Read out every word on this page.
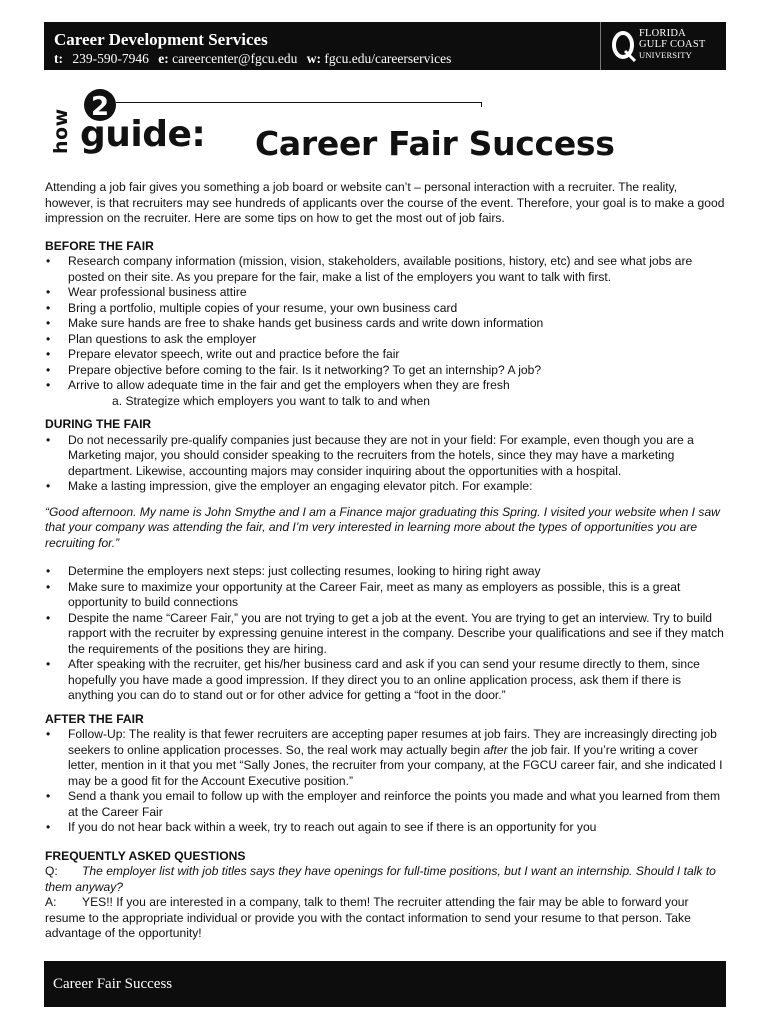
Career Development Services
t: 239-590-7946 e: careercenter@fgcu.edu w: fgcu.edu/careerservices
FLORIDA
GULF COAST
UNIVERSITY
how
2
guide: Career Fair Success

Attending a job fair gives you something a job board or website can’t – personal interaction with a recruiter. The reality, however, is that recruiters may see hundreds of applicants over the course of the event. Therefore, your goal is to make a good impression on the recruiter. Here are some tips on how to get the most out of job fairs.

BEFORE THE FAIR

• Research company information (mission, vision, stakeholders, available positions, history, etc) and see what jobs are posted on their site. As you prepare for the fair, make a list of the employers you want to talk with first.
• Wear professional business attire
• Bring a portfolio, multiple copies of your resume, your own business card
• Make sure hands are free to shake hands get business cards and write down information
• Plan questions to ask the employer
• Prepare elevator speech, write out and practice before the fair
• Prepare objective before coming to the fair. Is it networking? To get an internship? A job?
• Arrive to allow adequate time in the fair and get the employers when they are fresh

a. Strategize which employers you want to talk to and when

DURING THE FAIR

• Do not necessarily pre-qualify companies just because they are not in your field: For example, even though you are a Marketing major, you should consider speaking to the recruiters from the hotels, since they may have a marketing department. Likewise, accounting majors may consider inquiring about the opportunities with a hospital.
• Make a lasting impression, give the employer an engaging elevator pitch. For example:

“Good afternoon. My name is John Smythe and I am a Finance major graduating this Spring. I visited your website when I saw that your company was attending the fair, and I’m very interested in learning more about the types of opportunities you are recruiting for.”

• Determine the employers next steps: just collecting resumes, looking to hiring right away
• Make sure to maximize your opportunity at the Career Fair, meet as many as employers as possible, this is a great opportunity to build connections
• Despite the name “Career Fair,” you are not trying to get a job at the event. You are trying to get an interview. Try to build rapport with the recruiter by expressing genuine interest in the company. Describe your qualifications and see if they match the requirements of the positions they are hiring.
• After speaking with the recruiter, get his/her business card and ask if you can send your resume directly to them, since hopefully you have made a good impression. If they direct you to an online application process, ask them if there is anything you can do to stand out or for other advice for getting a “foot in the door.”

AFTER THE FAIR

• Follow-Up: The reality is that fewer recruiters are accepting paper resumes at job fairs. They are increasingly directing job seekers to online application processes. So, the real work may actually begin after the job fair. If you’re writing a cover letter, mention in it that you met “Sally Jones, the recruiter from your company, at the FGCU career fair, and she indicated I may be a good fit for the Account Executive position.”
• Send a thank you email to follow up with the employer and reinforce the points you made and what you learned from them at the Career Fair
• If you do not hear back within a week, try to reach out again to see if there is an opportunity for you

FREQUENTLY ASKED QUESTIONS

Q: The employer list with job titles says they have openings for full-time positions, but I want an internship. Should I talk to them anyway?

A: YES!! If you are interested in a company, talk to them! The recruiter attending the fair may be able to forward your resume to the appropriate individual or provide you with the contact information to send your resume to that person. Take advantage of the opportunity!

Career Fair Success
